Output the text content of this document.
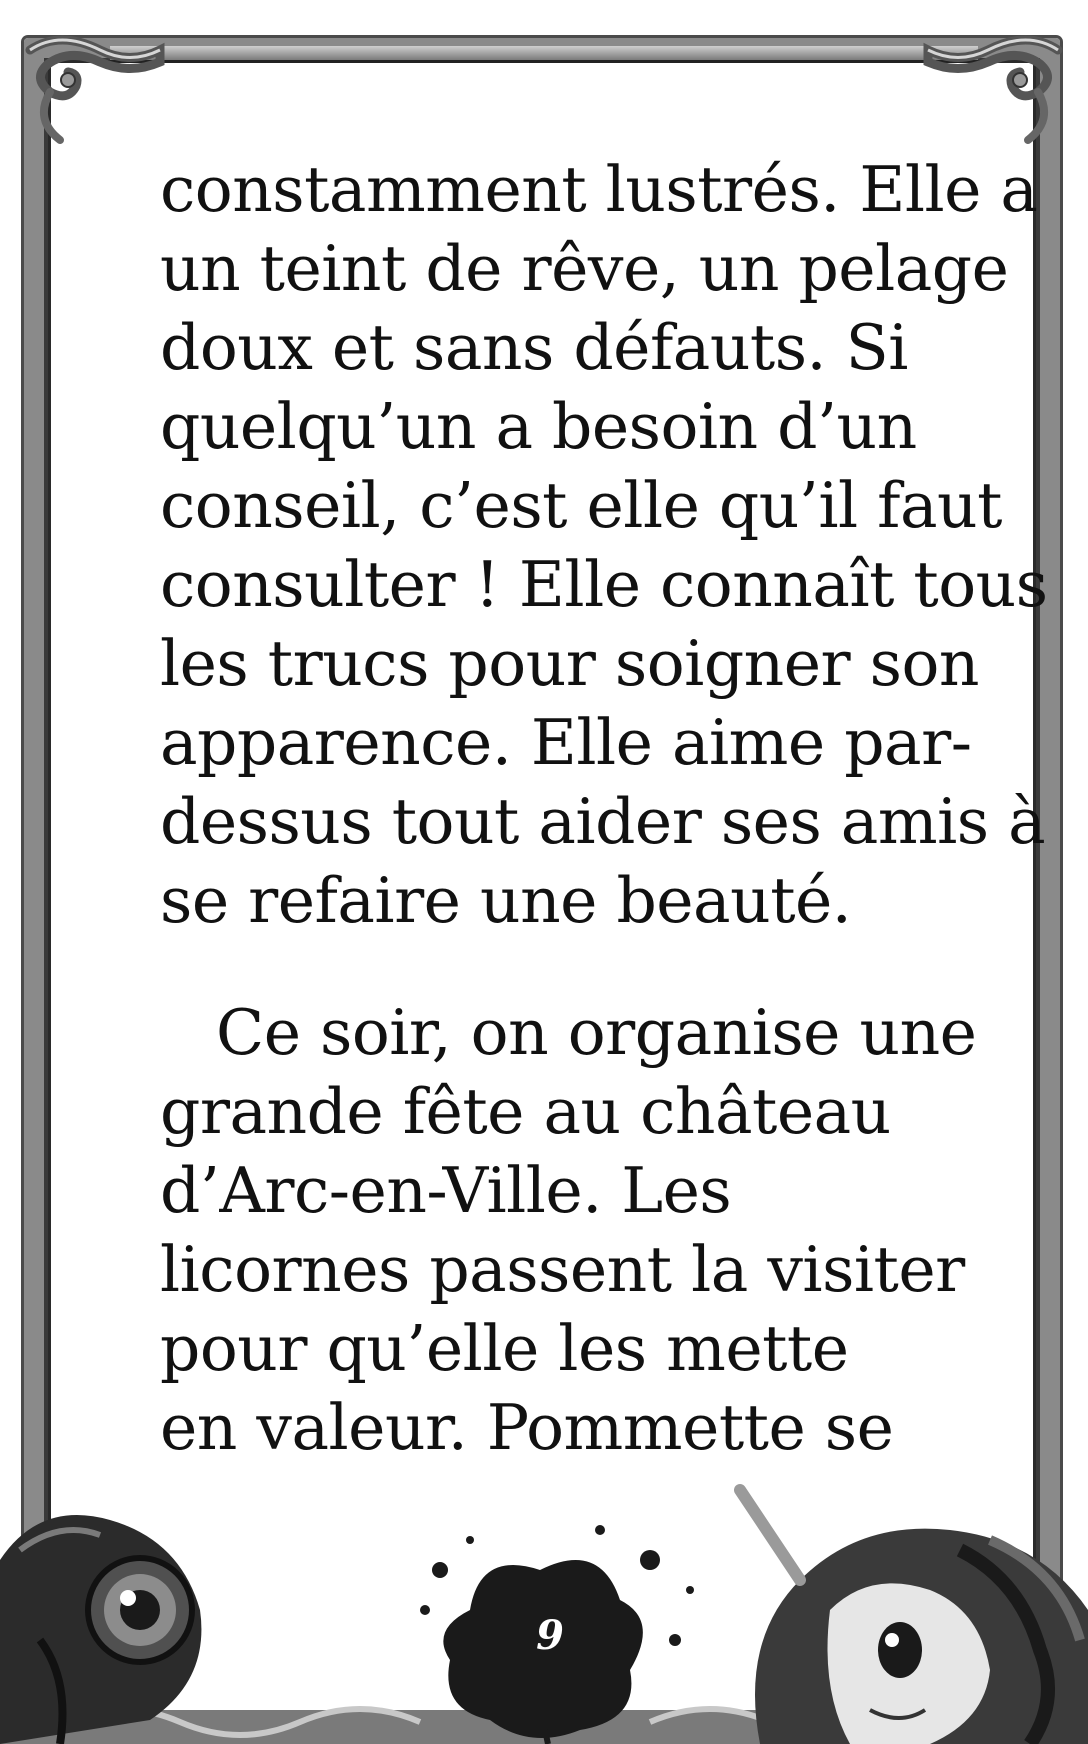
constamment lustrés. Elle a
un teint de rêve, un pelage
doux et sans défauts. Si
quelqu’un a besoin d’un
conseil, c’est elle qu’il faut
consulter ! Elle connaît tous
les trucs pour soigner son
apparence. Elle aime par-
dessus tout aider ses amis à
se refaire une beauté.
Ce soir, on organise une
grande fête au château
d’Arc-en-Ville. Les
licornes passent la visiter
pour qu’elle les mette
en valeur. Pommette se
9
